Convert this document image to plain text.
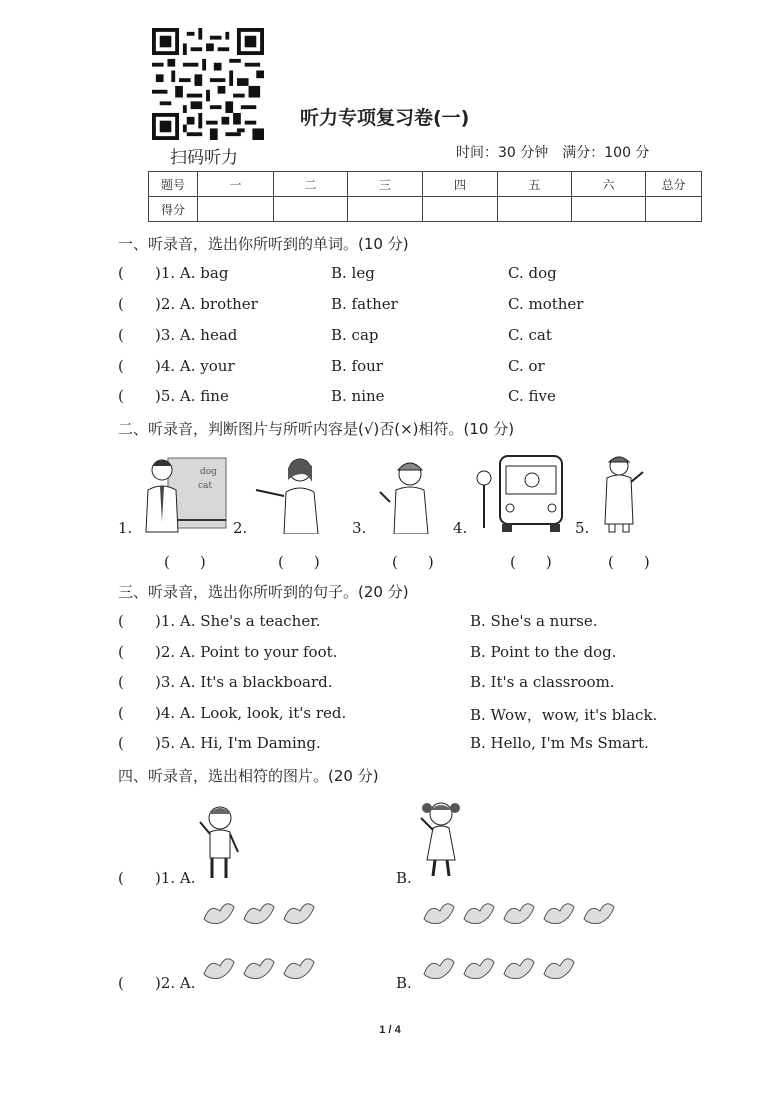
扫码听力
听力专项复习卷(一)
时间：30 分钟　满分：100 分
题号	一	二	三	四	五	六	总分
得分							
一、听录音，选出你所听到的单词。(10 分)
( )1. A. bag	B. leg	C. dog
( )2. A. brother	B. father	C. mother
( )3. A. head	B. cap	C. cat
( )4. A. your	B. four	C. or
( )5. A. fine	B. nine	C. five
二、听录音，判断图片与所听内容是(√)否(×)相符。(10 分)
1.
dog
cat
2.	3.	4.	5.
(　　)	(　　)	(　　)	(　　)	(　　)
三、听录音，选出你所听到的句子。(20 分)
( )1. A. She's a teacher.	B. She's a nurse.
( )2. A. Point to your foot.	B. Point to the dog.
( )3. A. It's a blackboard.	B. It's a classroom.
( )4. A. Look, look, it's red.	B. Wow，wow, it's black.
( )5. A. Hi, I'm Daming.	B. Hello, I'm Ms Smart.
四、听录音，选出相符的图片。(20 分)
( )1. A.	B.
( )2. A.	B.
1 / 4
